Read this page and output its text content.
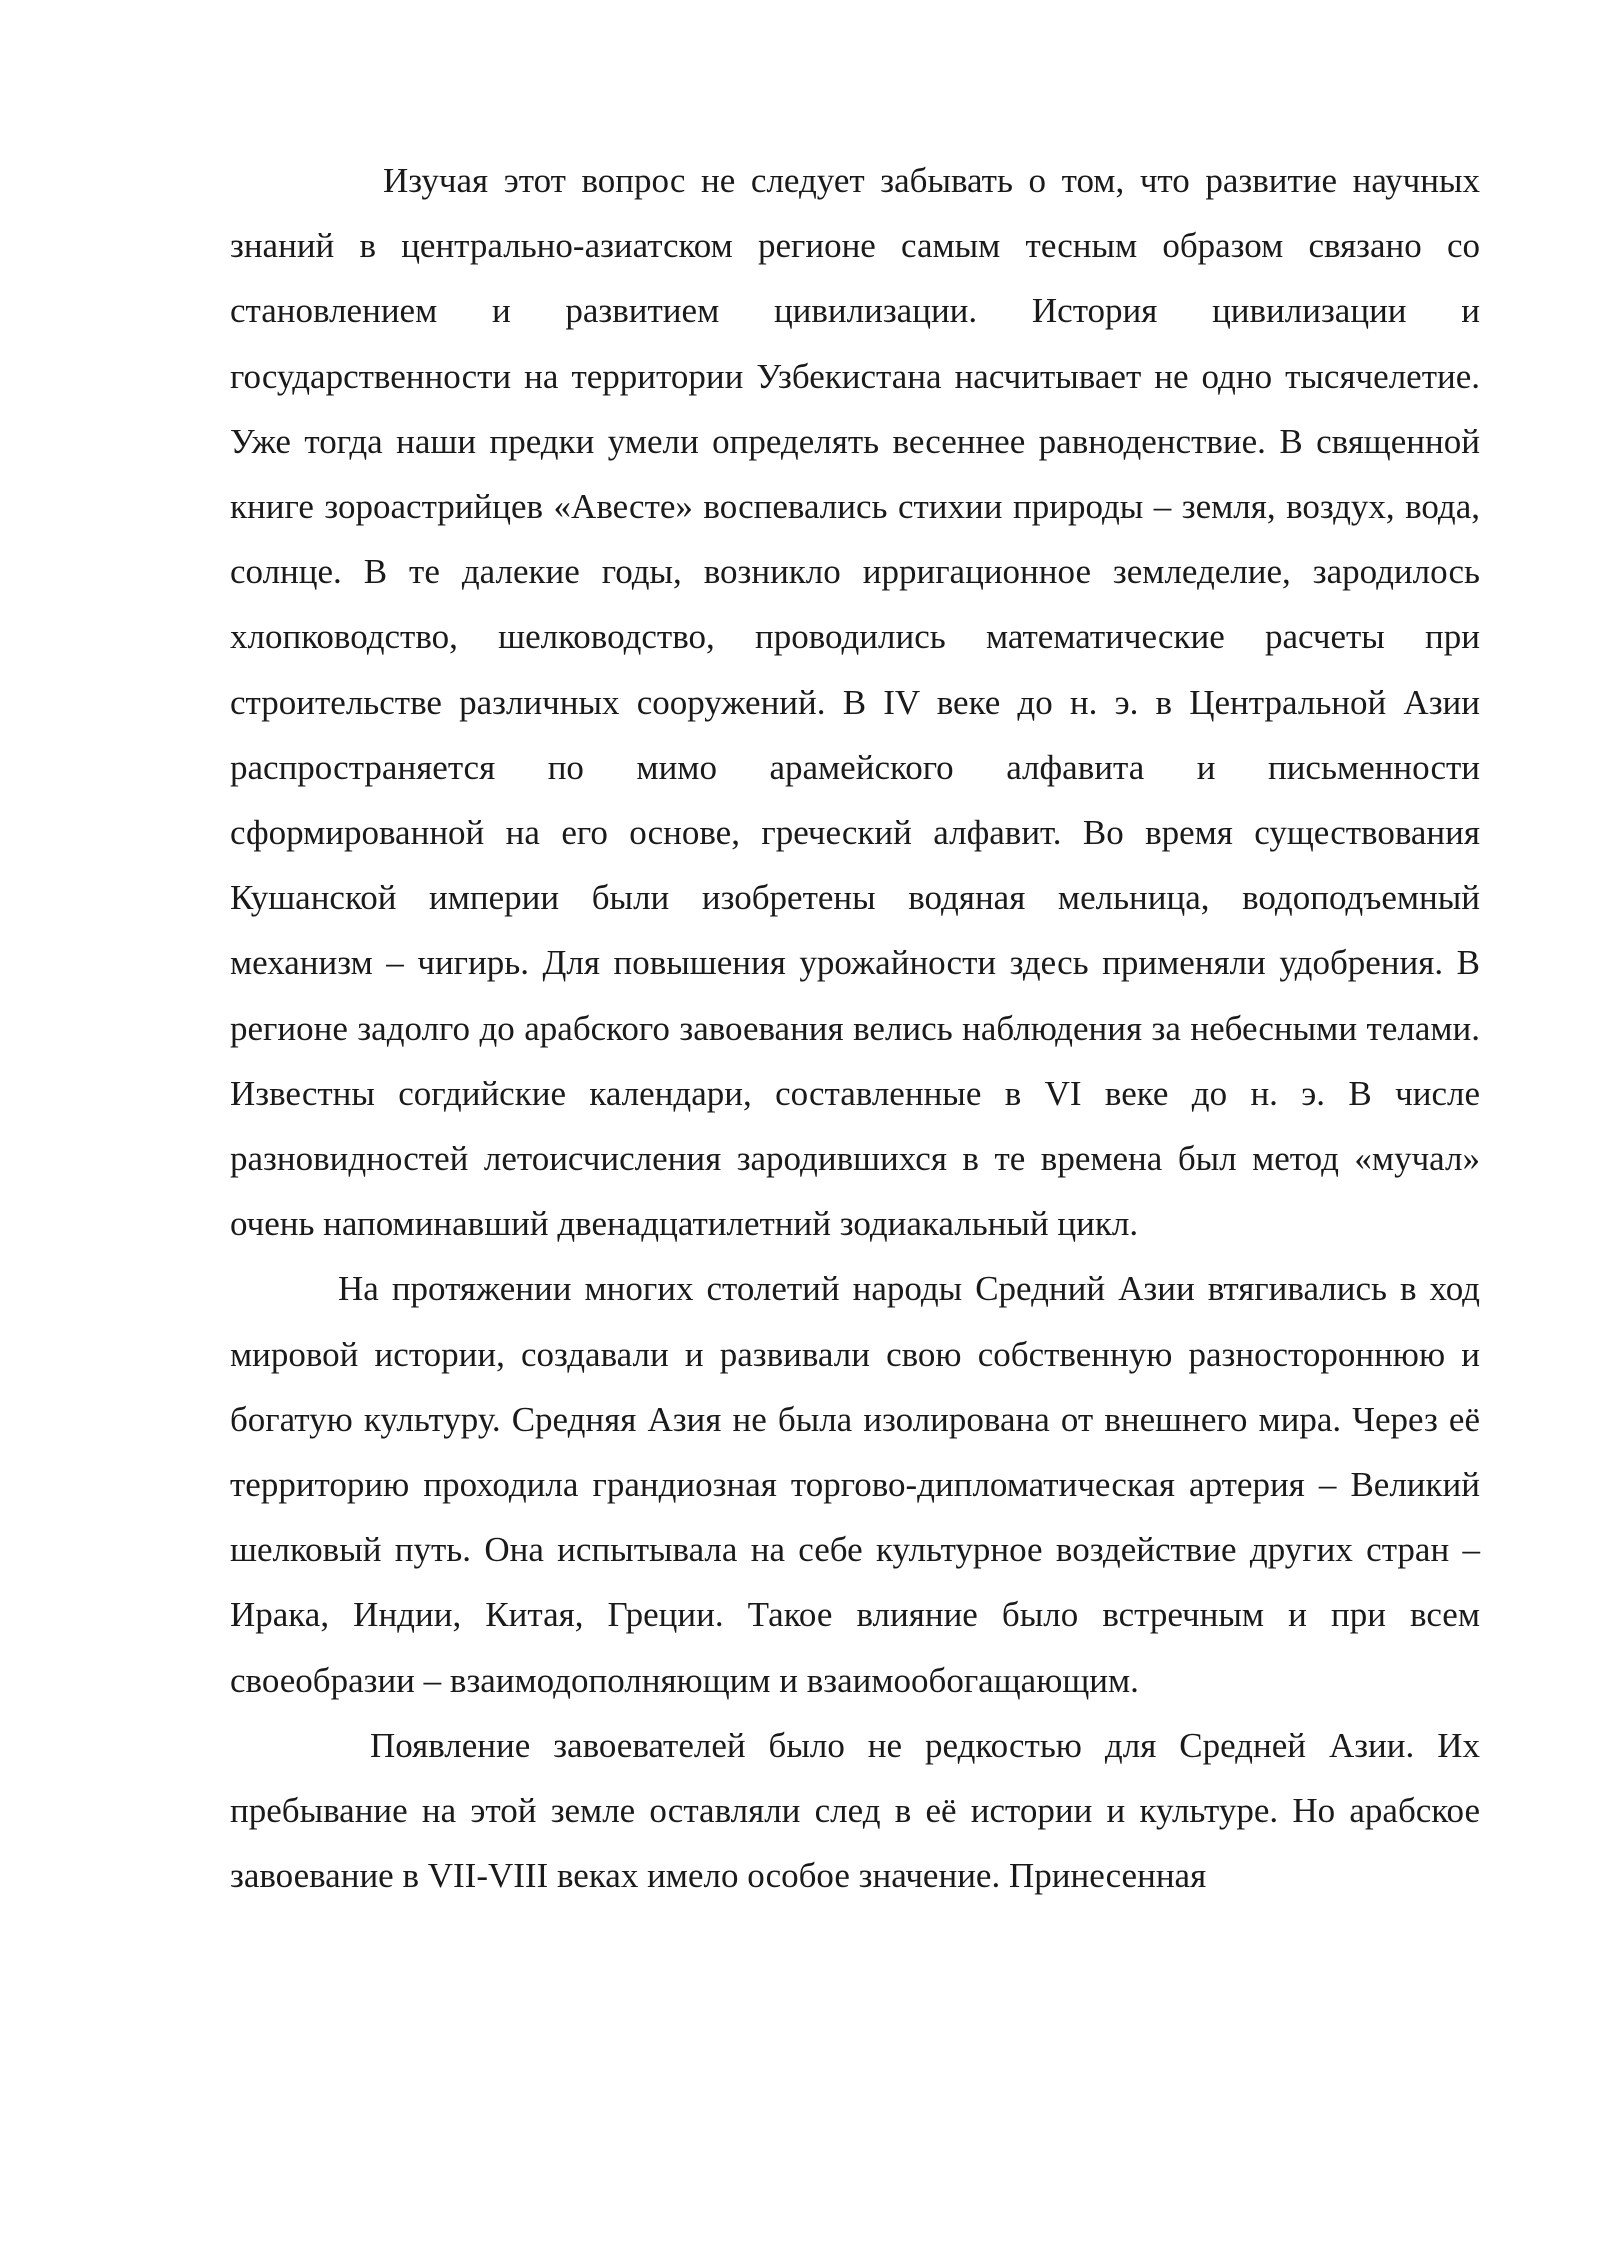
Изучая этот вопрос не следует забывать о том, что развитие научных знаний в центрально-азиатском регионе самым тесным образом связано со становлением и развитием цивилизации. История цивилизации и государственности на территории Узбекистана насчитывает не одно тысячелетие. Уже тогда наши предки умели определять весеннее равноденствие. В священной книге зороастрийцев «Авесте» воспевались стихии природы – земля, воздух, вода, солнце. В те далекие годы, возникло ирригационное земледелие, зародилось хлопководство, шелководство, проводились математические расчеты при строительстве различных сооружений. В IV веке до н. э. в Центральной Азии распространяется по мимо арамейского алфавита и письменности сформированной на его основе, греческий алфавит. Во время существования Кушанской империи были изобретены водяная мельница, водоподъемный механизм – чигирь. Для повышения урожайности здесь применяли удобрения. В регионе задолго до арабского завоевания велись наблюдения за небесными телами. Известны согдийские календари, составленные в VI веке до н. э. В числе разновидностей летоисчисления зародившихся в те времена был метод «мучал» очень напоминавший двенадцатилетний зодиакальный цикл.

На протяжении многих столетий народы Средний Азии втягивались в ход мировой истории, создавали и развивали свою собственную разностороннюю и богатую культуру. Средняя Азия не была изолирована от внешнего мира. Через её территорию проходила грандиозная торгово-дипломатическая артерия – Великий шелковый путь. Она испытывала на себе культурное воздействие других стран – Ирака, Индии, Китая, Греции. Такое влияние было встречным и при всем своеобразии – взаимодополняющим и взаимообогащающим.

Появление завоевателей было не редкостью для Средней Азии. Их пребывание на этой земле оставляли след в её истории и культуре. Но арабское завоевание в VII-VIII веках имело особое значение. Принесенная
